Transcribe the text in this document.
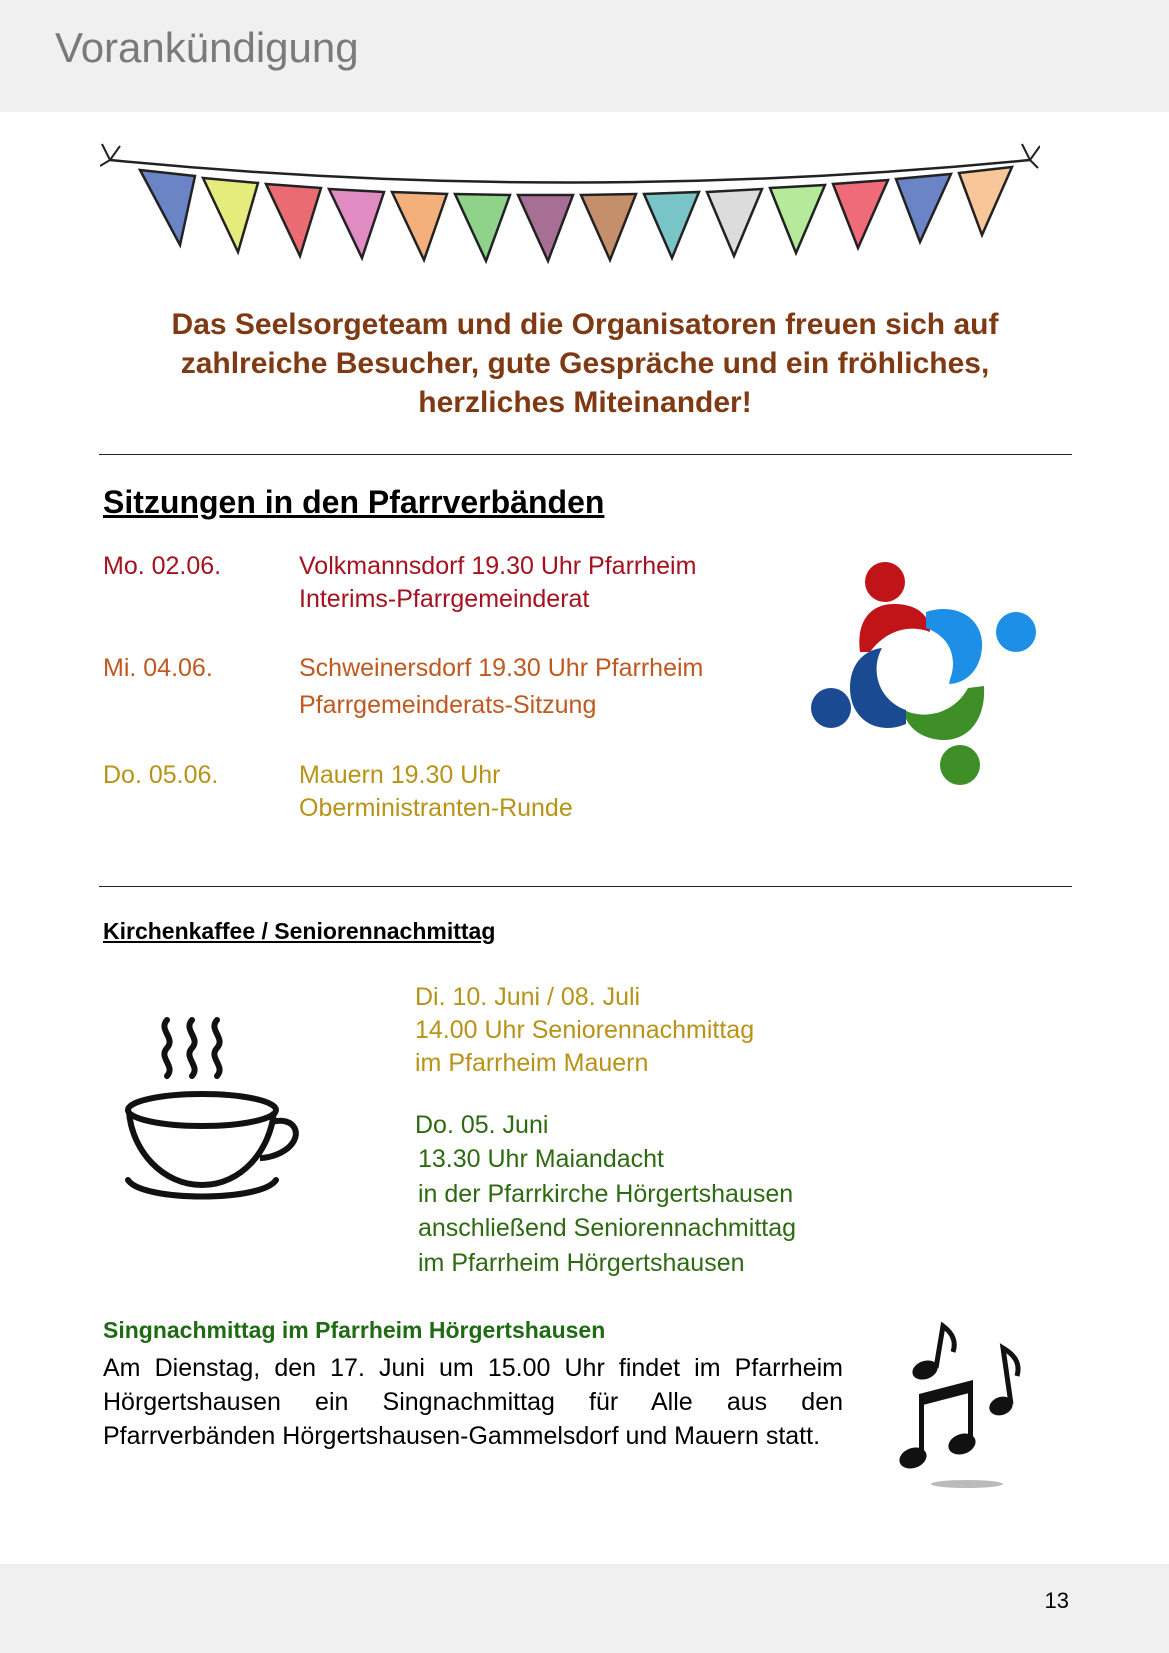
Vorankündigung
Das Seelsorgeteam und die Organisatoren freuen sich auf
zahlreiche Besucher, gute Gespräche und ein fröhliches,
herzliches Miteinander!
Sitzungen in den Pfarrverbänden
Mo. 02.06.	Volkmannsdorf 19.30 Uhr Pfarrheim
Interims-Pfarrgemeinderat
Mi. 04.06.	Schweinersdorf 19.30 Uhr Pfarrheim
Pfarrgemeinderats-Sitzung
Do. 05.06.	Mauern 19.30 Uhr
Oberministranten-Runde
Kirchenkaffee / Seniorennachmittag
Di. 10. Juni / 08. Juli
14.00 Uhr Seniorennachmittag
im Pfarrheim Mauern
Do. 05. Juni
13.30 Uhr Maiandacht
in der Pfarrkirche Hörgertshausen
anschließend Seniorennachmittag
im Pfarrheim Hörgertshausen
Singnachmittag im Pfarrheim Hörgertshausen
Am Dienstag, den 17. Juni um 15.00 Uhr findet im Pfarrheim Hörgertshausen ein Singnachmittag für Alle aus den Pfarrverbänden Hörgertshausen-Gammelsdorf und Mauern statt.
13
